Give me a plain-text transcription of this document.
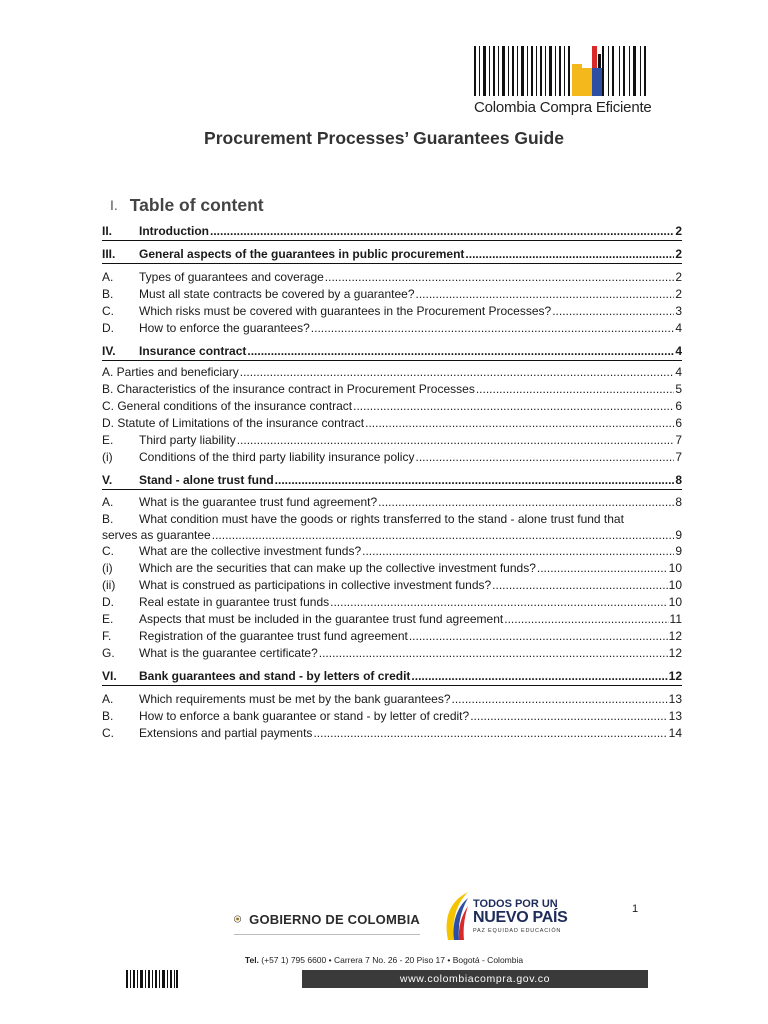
Colombia Compra Eficiente
Procurement Processes’ Guarantees Guide
I. Table of content
II.	Introduction .....	2
III.	General aspects of the guarantees in public procurement .....	2
A.	Types of guarantees and coverage .....	2
B.	Must all state contracts be covered by a guarantee? .....	2
C.	Which risks must be covered with guarantees in the Procurement Processes? .....	3
D.	How to enforce the guarantees? .....	4
IV.	Insurance contract .....	4
A. Parties and beneficiary .....	4
B. Characteristics of the insurance contract in Procurement Processes .....	5
C. General conditions of the insurance contract .....	6
D. Statute of Limitations of the insurance contract .....	6
E.	Third party liability .....	7
(i)	Conditions of the third party liability insurance policy .....	7
V.	Stand - alone trust fund .....	8
A.	What is the guarantee trust fund agreement? .....	8
B.	What condition must have the goods or rights transferred to the stand - alone trust fund that
serves as guarantee .....	9
C.	What are the collective investment funds? .....	9
(i)	Which are the securities that can make up the collective investment funds? .....	10
(ii)	What is construed as participations in collective investment funds? .....	10
D.	Real estate in guarantee trust funds .....	10
E.	Aspects that must be included in the guarantee trust fund agreement .....	11
F.	Registration of the guarantee trust fund agreement .....	12
G.	What is the guarantee certificate? .....	12
VI.	Bank guarantees and stand - by letters of credit .....	12
A.	Which requirements must be met by the bank guarantees? .....	13
B.	How to enforce a bank guarantee or stand - by letter of credit? .....	13
C.	Extensions and partial payments .....	14
1
GOBIERNO DE COLOMBIA
TODOS POR UN
NUEVO PAÍS
PAZ EQUIDAD EDUCACIÓN
Tel. (+57 1) 795 6600 • Carrera 7 No. 26 - 20 Piso 17 • Bogotá - Colombia
www.colombiacompra.gov.co
